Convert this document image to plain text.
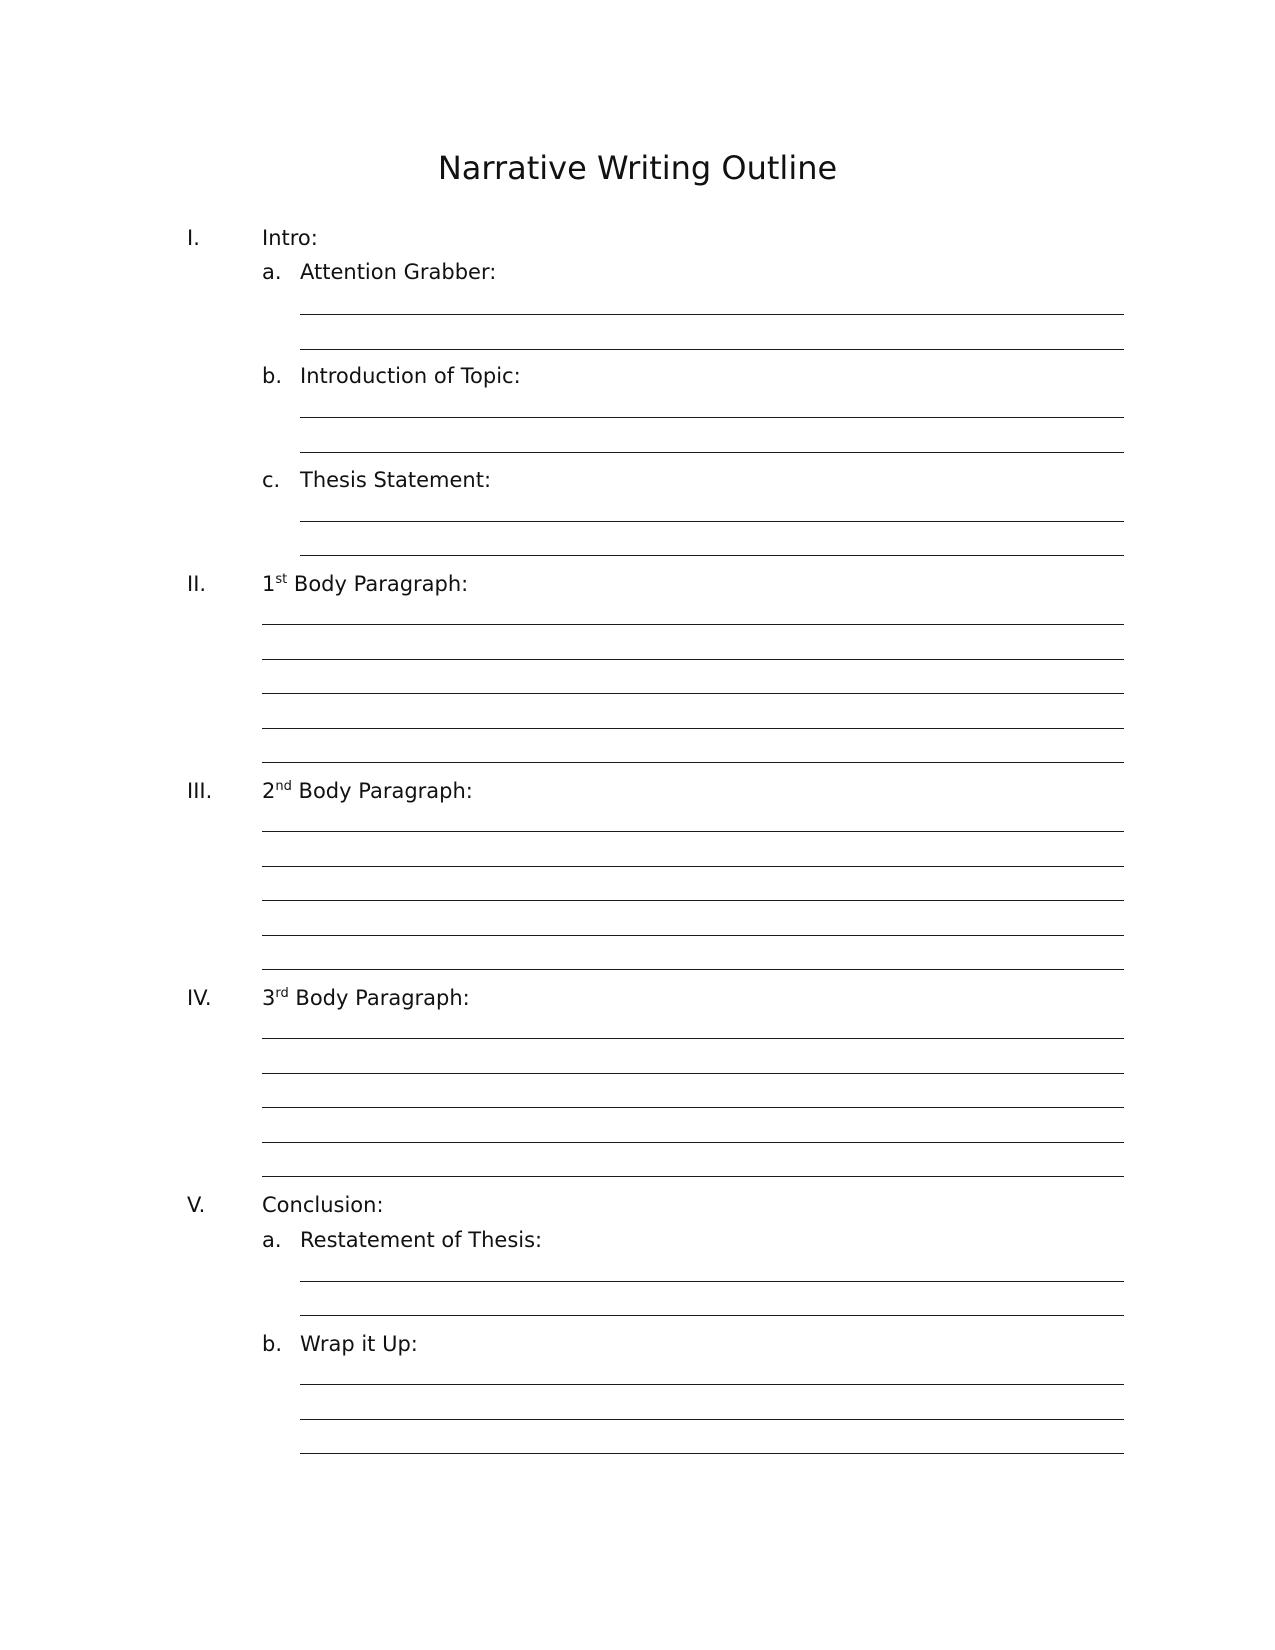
Narrative Writing Outline
I.	Intro:
a. Attention Grabber:
b. Introduction of Topic:
c. Thesis Statement:
II.	1st Body Paragraph:
III. 2nd Body Paragraph:
IV. 3rd Body Paragraph:
V.	Conclusion:
a. Restatement of Thesis:
b. Wrap it Up:
